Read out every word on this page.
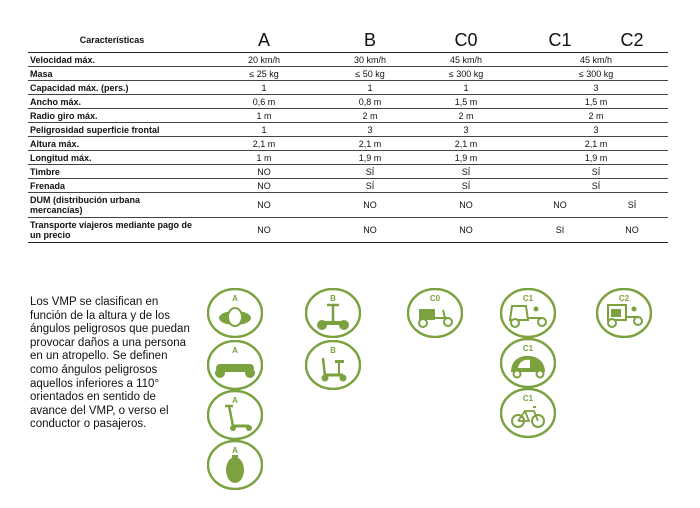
Características	A	B	C0	C1	C2
Velocidad máx.	20 km/h	30 km/h	45 km/h	45 km/h	
Masa	≤ 25 kg	≤ 50 kg	≤ 300 kg	≤ 300 kg	
Capacidad máx. (pers.)	1	1	1	3	
Ancho máx.	0,6 m	0,8 m	1,5 m	1,5 m	
Radio giro máx.	1 m	2 m	2 m	2 m	
Peligrosidad superficie frontal	1	3	3	3	
Altura máx.	2,1 m	2,1 m	2,1 m	2,1 m	
Longitud máx.	1 m	1,9 m	1,9 m	1,9 m	
Timbre	NO	SÍ	SÍ	SÍ	
Frenada	NO	SÍ	SÍ	SÍ	
DUM (distribución urbana mercancías)	NO	NO	NO	NO	SÍ
Transporte viajeros mediante pago de un precio	NO	NO	NO	SI	NO

Los VMP se clasifican en función de la altura y de los ángulos peligrosos que puedan provocar daños a una persona en un atropello. Se definen como ángulos peligrosos aquellos inferiores a 110° orientados en sentido de avance del VMP, o verso el conductor o pasajeros.

A
A
A
A
B
B
C0	C1
C1
C1
C2
